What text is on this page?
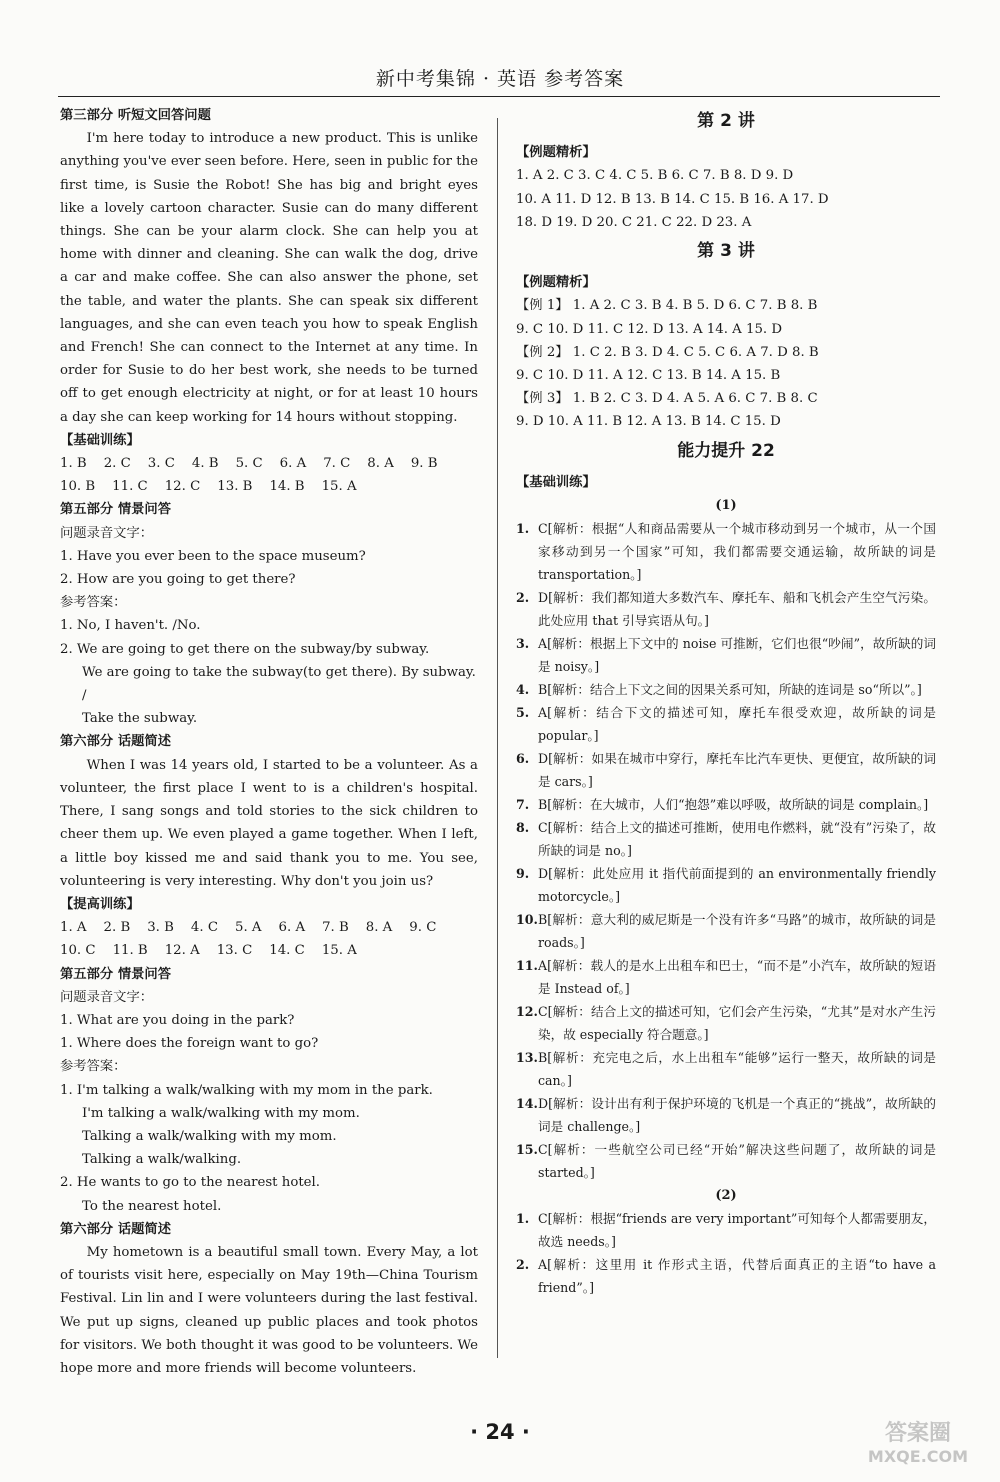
新中考集锦 · 英语 参考答案
第三部分 听短文回答问题

I'm here today to introduce a new product. This is unlike anything you've ever seen before. Here, seen in public for the first time, is Susie the Robot! She has big and bright eyes like a lovely cartoon character. Susie can do many different things. She can be your alarm clock. She can help you at home with dinner and cleaning. She can walk the dog, drive a car and make coffee. She can also answer the phone, set the table, and water the plants. She can speak six different languages, and she can even teach you how to speak English and French! She can connect to the Internet at any time. In order for Susie to do her best work, she needs to be turned off to get enough electricity at night, or for at least 10 hours a day she can keep working for 14 hours without stopping.

【基础训练】
1. B 2. C 3. C 4. B 5. C 6. A 7. C 8. A 9. B
10. B 11. C 12. C 13. B 14. B 15. A
第五部分 情景问答
问题录音文字：
1. Have you ever been to the space museum?
2. How are you going to get there?
参考答案：
1. No, I haven't. /No.
2. We are going to get there on the subway/by subway.
We are going to take the subway(to get there). By subway. /
Take the subway.
第六部分 话题简述

When I was 14 years old, I started to be a volunteer. As a volunteer, the first place I went to is a children's hospital. There, I sang songs and told stories to the sick children to cheer them up. We even played a game together. When I left, a little boy kissed me and said thank you to me. You see, volunteering is very interesting. Why don't you join us?

【提高训练】
1. A 2. B 3. B 4. C 5. A 6. A 7. B 8. A 9. C
10. C 11. B 12. A 13. C 14. C 15. A
第五部分 情景问答
问题录音文字：
1. What are you doing in the park?
1. Where does the foreign want to go?
参考答案：
1. I'm talking a walk/walking with my mom in the park.
I'm talking a walk/walking with my mom.
Talking a walk/walking with my mom.
Talking a walk/walking.
2. He wants to go to the nearest hotel.
To the nearest hotel.
第六部分 话题简述

My hometown is a beautiful small town. Every May, a lot of tourists visit here, especially on May 19th—China Tourism Festival. Lin lin and I were volunteers during the last festival. We put up signs, cleaned up public places and took photos for visitors. We both thought it was good to be volunteers. We hope more and more friends will become volunteers.

第 2 讲
【例题精析】
1. A 2. C 3. C 4. C 5. B 6. C 7. B 8. D 9. D
10. A 11. D 12. B 13. B 14. C 15. B 16. A 17. D
18. D 19. D 20. C 21. C 22. D 23. A
第 3 讲
【例题精析】
【例 1】 1. A 2. C 3. B 4. B 5. D 6. C 7. B 8. B
9. C 10. D 11. C 12. D 13. A 14. A 15. D
【例 2】 1. C 2. B 3. D 4. C 5. C 6. A 7. D 8. B
9. C 10. D 11. A 12. C 13. B 14. A 15. B
【例 3】 1. B 2. C 3. D 4. A 5. A 6. C 7. B 8. C
9. D 10. A 11. B 12. A 13. B 14. C 15. D
能力提升 22
【基础训练】
(1)
1. C[解析：根据“人和商品需要从一个城市移动到另一个城市，从一个国家移动到另一个国家”可知，我们都需要交通运输，故所缺的词是 transportation。]
2. D[解析：我们都知道大多数汽车、摩托车、船和飞机会产生空气污染。此处应用 that 引导宾语从句。]
3. A[解析：根据上下文中的 noise 可推断，它们也很“吵闹”，故所缺的词是 noisy。]
4. B[解析：结合上下文之间的因果关系可知，所缺的连词是 so“所以”。]
5. A[解析：结合下文的描述可知，摩托车很受欢迎，故所缺的词是 popular。]
6. D[解析：如果在城市中穿行，摩托车比汽车更快、更便宜，故所缺的词是 cars。]
7. B[解析：在大城市，人们“抱怨”难以呼吸，故所缺的词是 complain。]
8. C[解析：结合上文的描述可推断，使用电作燃料，就“没有”污染了，故所缺的词是 no。]
9. D[解析：此处应用 it 指代前面提到的 an environmentally friendly motorcycle。]
10. B[解析：意大利的威尼斯是一个没有许多“马路”的城市，故所缺的词是 roads。]
11. A[解析：载人的是水上出租车和巴士，“而不是”小汽车，故所缺的短语是 Instead of。]
12. C[解析：结合上文的描述可知，它们会产生污染，“尤其”是对水产生污染，故 especially 符合题意。]
13. B[解析：充完电之后，水上出租车“能够”运行一整天，故所缺的词是 can。]
14. D[解析：设计出有利于保护环境的飞机是一个真正的“挑战”，故所缺的词是 challenge。]
15. C[解析：一些航空公司已经“开始”解决这些问题了，故所缺的词是 started。]
(2)
1. C[解析：根据“friends are very important”可知每个人都需要朋友，故选 needs。]
2. A[解析：这里用 it 作形式主语，代替后面真正的主语“to have a friend”。]
· 24 ·	答案圈
MXQE.COM
